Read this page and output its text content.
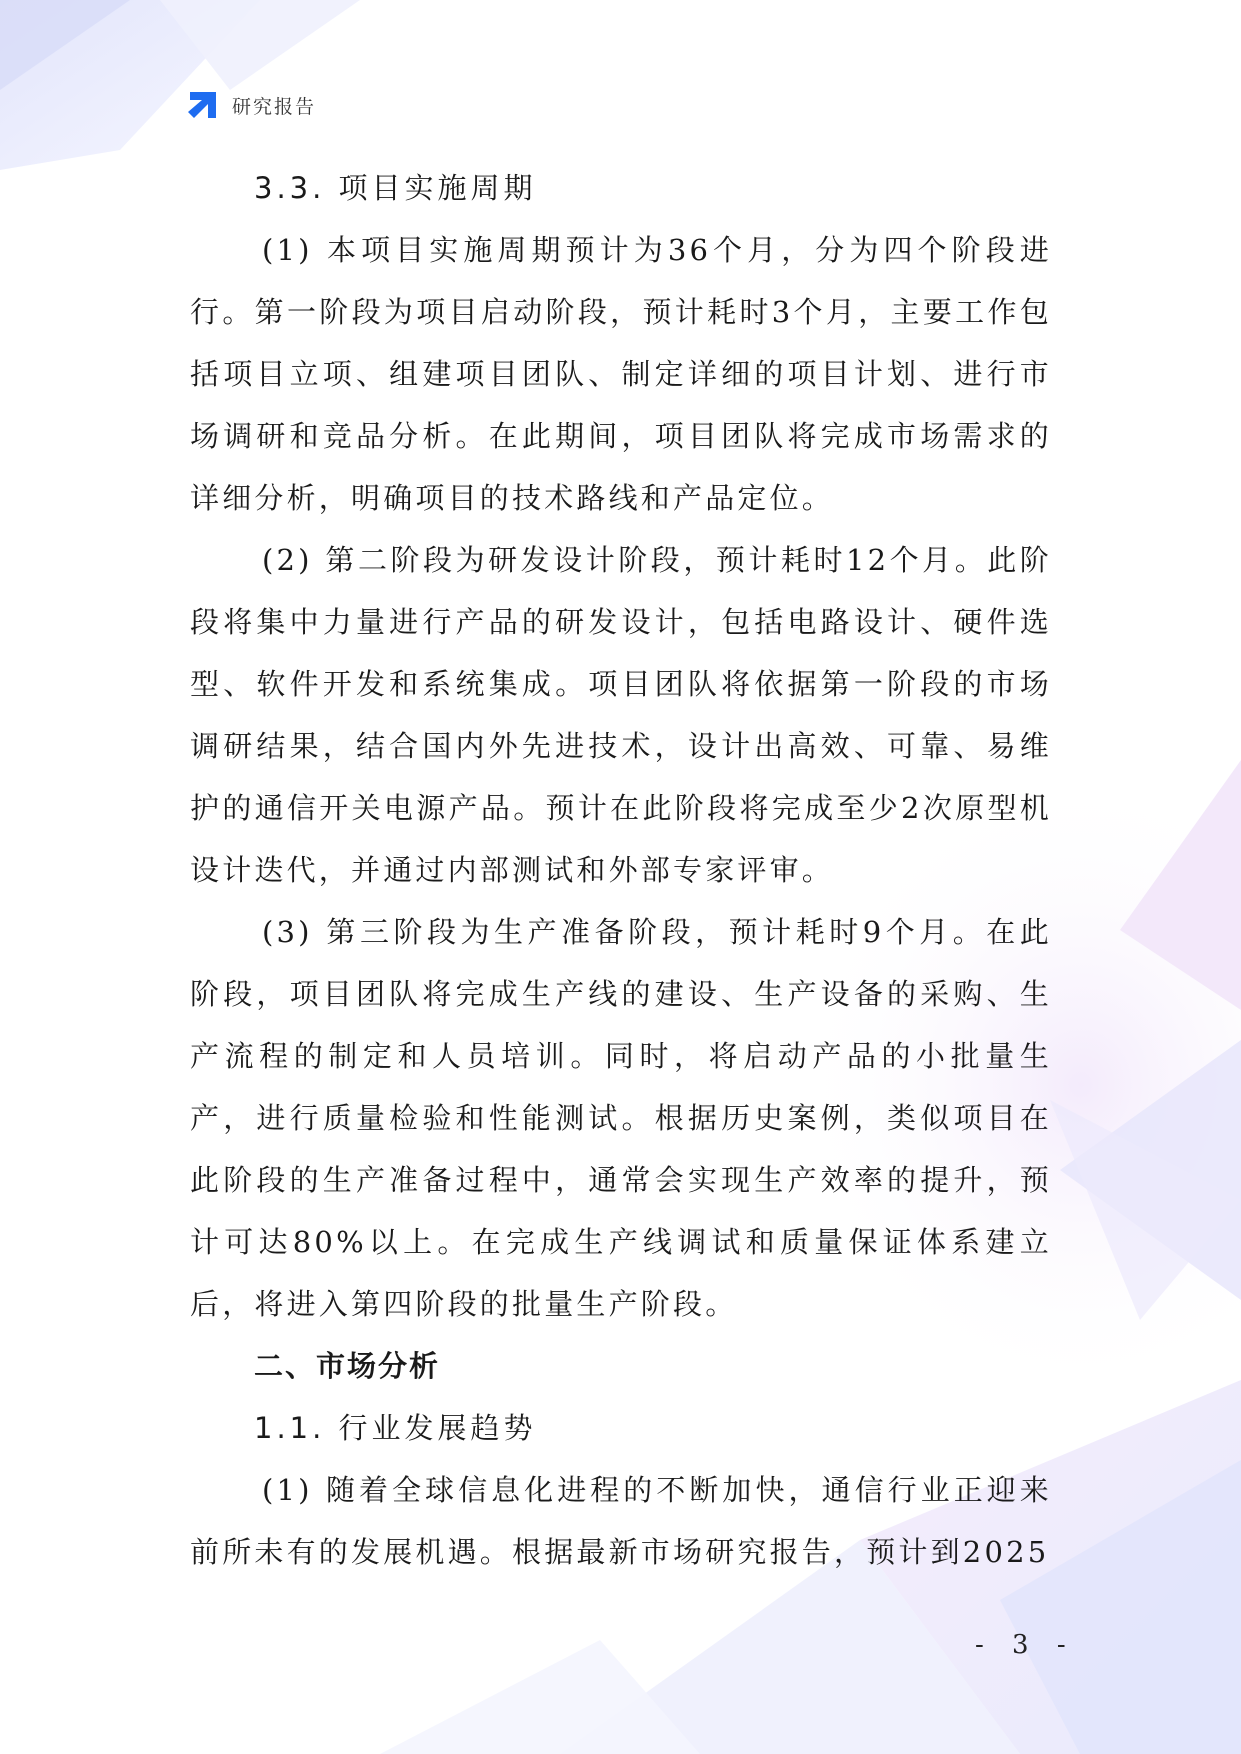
研究报告
3.3. 项目实施周期

(1) 本项目实施周期预计为36个月，分为四个阶段进行。第一阶段为项目启动阶段，预计耗时3个月，主要工作包括项目立项、组建项目团队、制定详细的项目计划、进行市场调研和竞品分析。在此期间，项目团队将完成市场需求的详细分析，明确项目的技术路线和产品定位。

(2) 第二阶段为研发设计阶段，预计耗时12个月。此阶段将集中力量进行产品的研发设计，包括电路设计、硬件选型、软件开发和系统集成。项目团队将依据第一阶段的市场调研结果，结合国内外先进技术，设计出高效、可靠、易维护的通信开关电源产品。预计在此阶段将完成至少2次原型机设计迭代，并通过内部测试和外部专家评审。

(3) 第三阶段为生产准备阶段，预计耗时9个月。在此阶段，项目团队将完成生产线的建设、生产设备的采购、生产流程的制定和人员培训。同时，将启动产品的小批量生产，进行质量检验和性能测试。根据历史案例，类似项目在此阶段的生产准备过程中，通常会实现生产效率的提升，预计可达80%以上。在完成生产线调试和质量保证体系建立后，将进入第四阶段的批量生产阶段。

二、市场分析
1.1. 行业发展趋势

(1) 随着全球信息化进程的不断加快，通信行业正迎来前所未有的发展机遇。根据最新市场研究报告，预计到2025

- 3 -
